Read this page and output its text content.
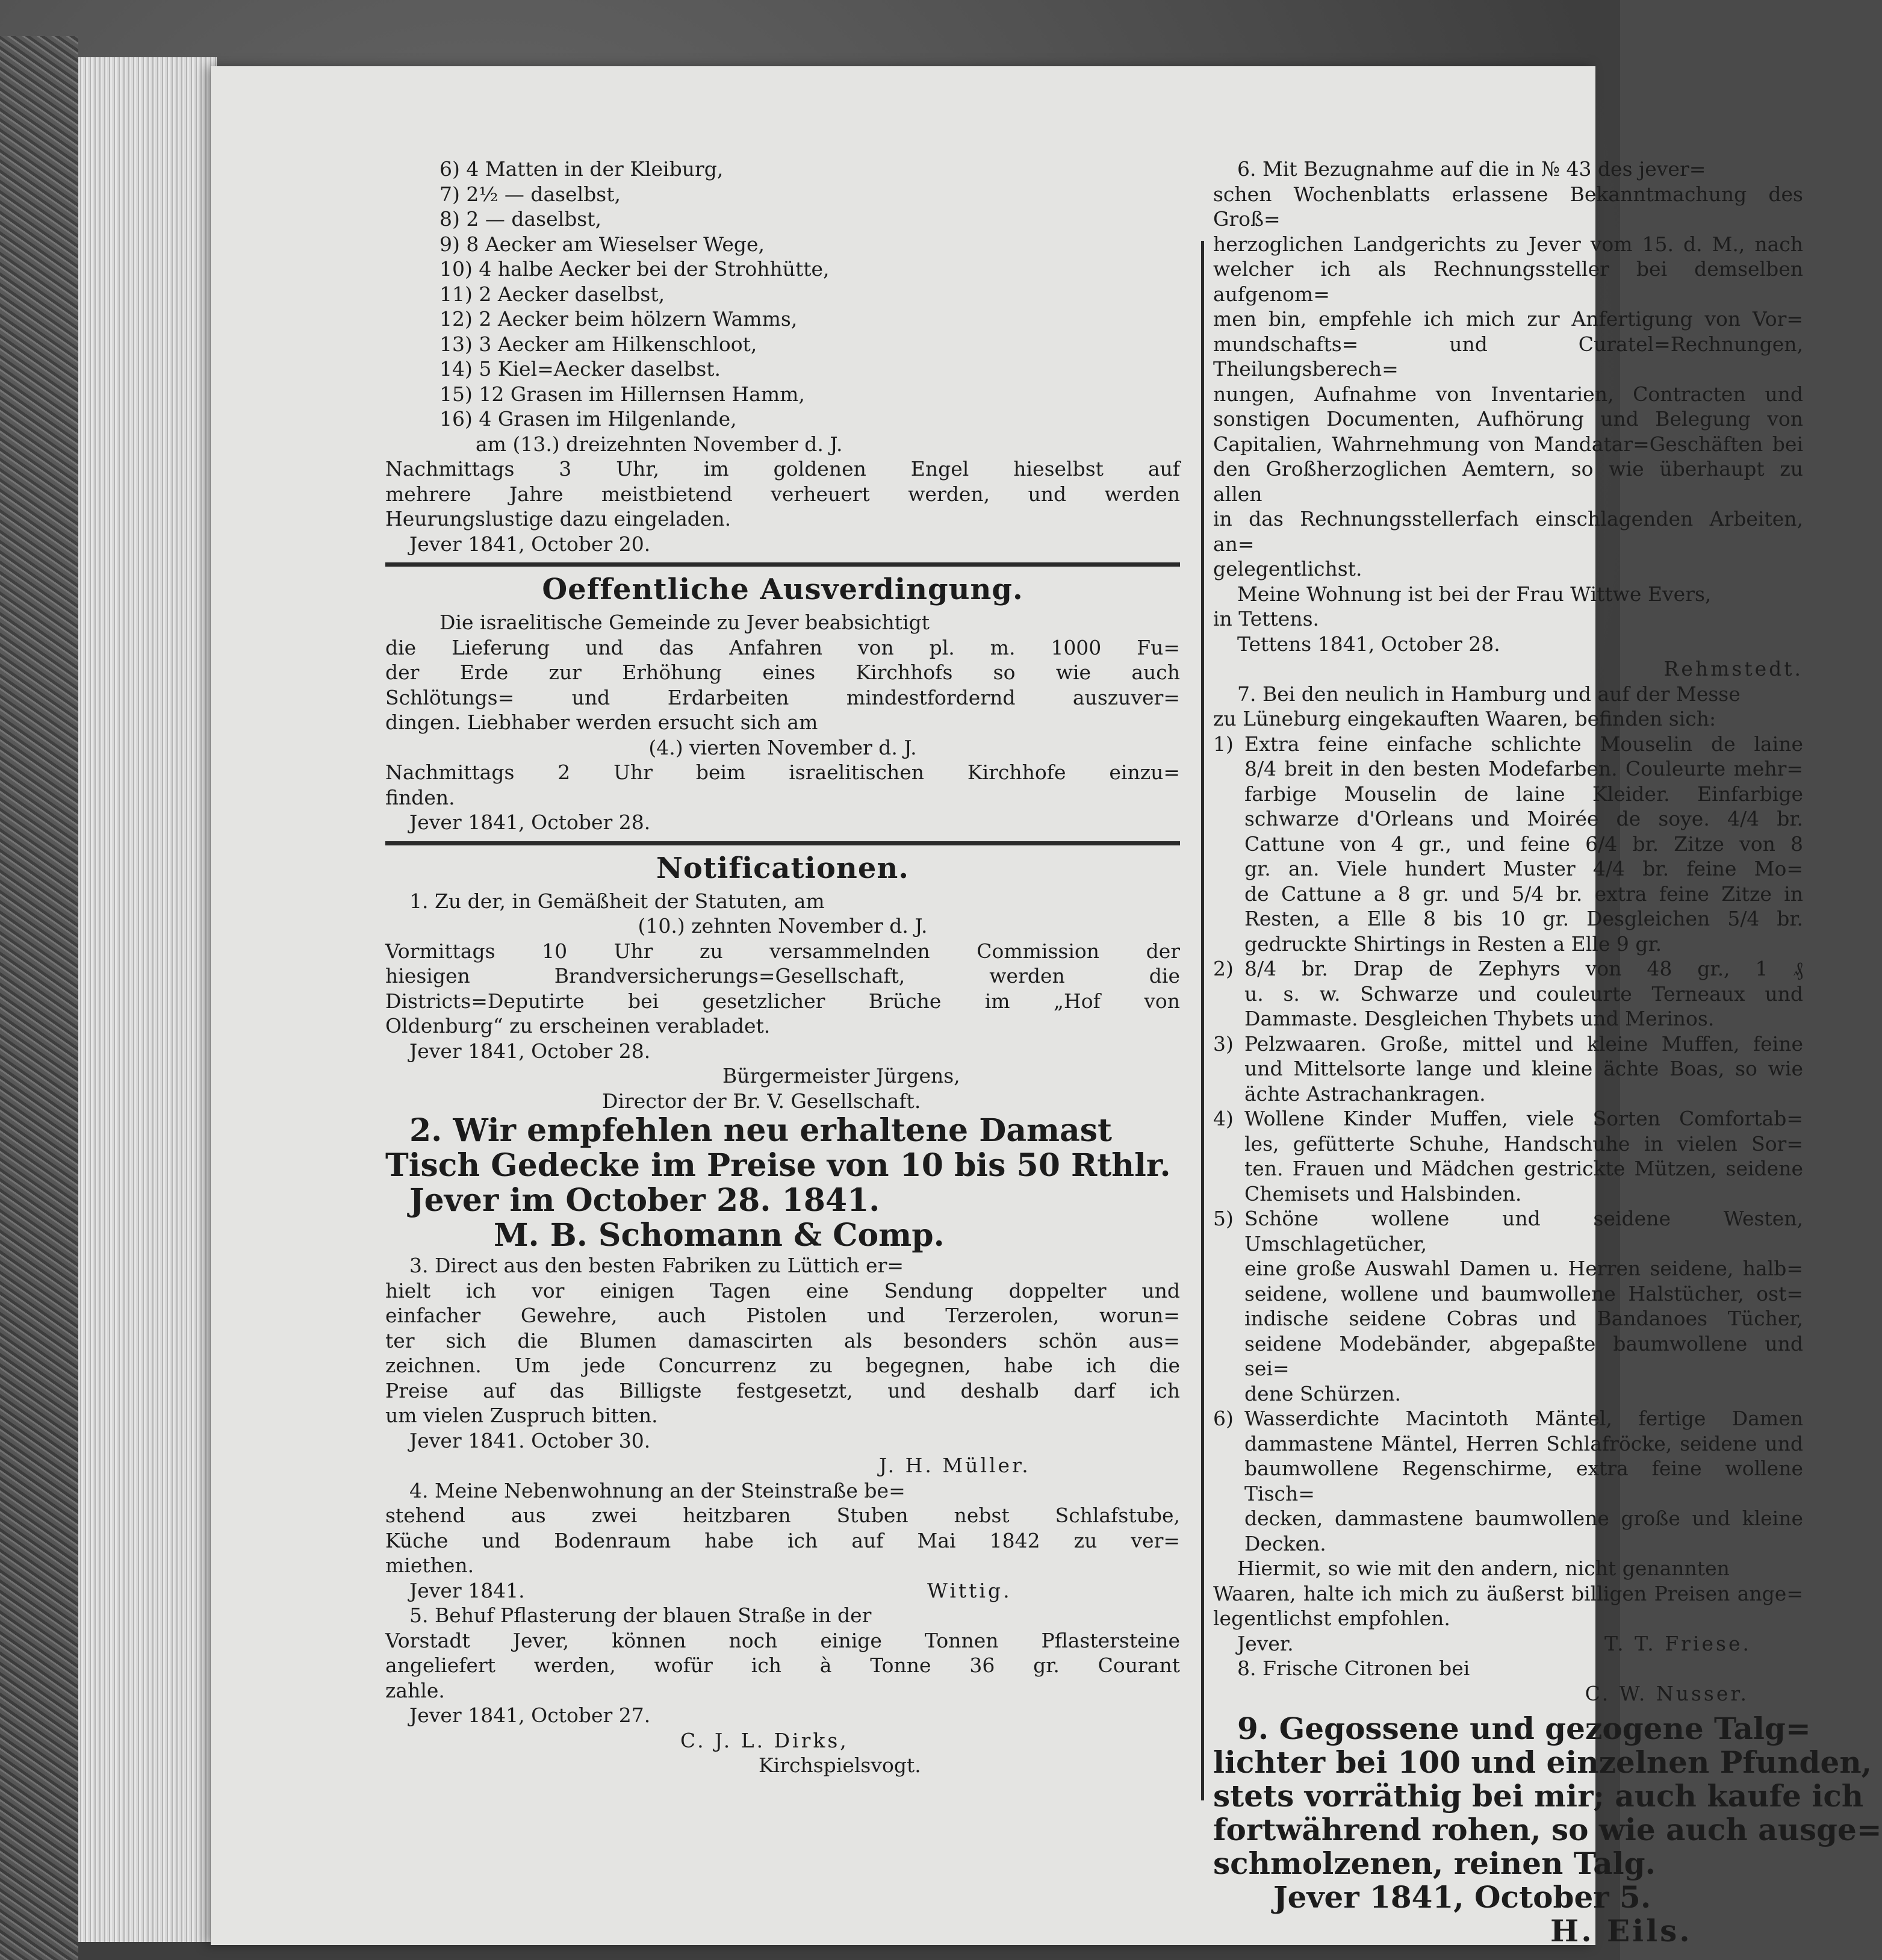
6) 4 Matten in der Kleiburg,
7) 2½ — daselbst,
8) 2 — daselbst,
9) 8 Aecker am Wieselser Wege,
10) 4 halbe Aecker bei der Strohhütte,
11) 2 Aecker daselbst,
12) 2 Aecker beim hölzern Wamms,
13) 3 Aecker am Hilkenschloot,
14) 5 Kiel=Aecker daselbst.
15) 12 Grasen im Hillernsen Hamm,
16) 4 Grasen im Hilgenlande,
am (13.) dreizehnten November d. J.
Nachmittags 3 Uhr, im goldenen Engel hieselbst auf
mehrere Jahre meistbietend verheuert werden, und werden
Heurungslustige dazu eingeladen.
Jever 1841, October 20.
Oeffentliche Ausverdingung.
Die israelitische Gemeinde zu Jever beabsichtigt
die Lieferung und das Anfahren von pl. m. 1000 Fu=
der Erde zur Erhöhung eines Kirchhofs so wie auch
Schlötungs= und Erdarbeiten mindestfordernd auszuver=
dingen. Liebhaber werden ersucht sich am
(4.) vierten November d. J.
Nachmittags 2 Uhr beim israelitischen Kirchhofe einzu=
finden.
Jever 1841, October 28.
Notificationen.
1. Zu der, in Gemäßheit der Statuten, am
(10.) zehnten November d. J.
Vormittags 10 Uhr zu versammelnden Commission der
hiesigen Brandversicherungs=Gesellschaft, werden die
Districts=Deputirte bei gesetzlicher Brüche im „Hof von
Oldenburg“ zu erscheinen verabladet.
Jever 1841, October 28.
Bürgermeister Jürgens,
Director der Br. V. Gesellschaft.
2. Wir empfehlen neu erhaltene Damast
Tisch Gedecke im Preise von 10 bis 50 Rthlr.
Jever im October 28. 1841.
M. B. Schomann & Comp.
3. Direct aus den besten Fabriken zu Lüttich er=
hielt ich vor einigen Tagen eine Sendung doppelter und
einfacher Gewehre, auch Pistolen und Terzerolen, worun=
ter sich die Blumen damascirten als besonders schön aus=
zeichnen. Um jede Concurrenz zu begegnen, habe ich die
Preise auf das Billigste festgesetzt, und deshalb darf ich
um vielen Zuspruch bitten.
Jever 1841. October 30.
J. H. Müller.
4. Meine Nebenwohnung an der Steinstraße be=
stehend aus zwei heitzbaren Stuben nebst Schlafstube,
Küche und Bodenraum habe ich auf Mai 1842 zu ver=
miethen.
Jever 1841.	Wittig.
5. Behuf Pflasterung der blauen Straße in der
Vorstadt Jever, können noch einige Tonnen Pflastersteine
angeliefert werden, wofür ich à Tonne 36 gr. Courant
zahle.
Jever 1841, October 27.
C. J. L. Dirks,
Kirchspielsvogt.
6. Mit Bezugnahme auf die in № 43 des jever=
schen Wochenblatts erlassene Bekanntmachung des Groß=
herzoglichen Landgerichts zu Jever vom 15. d. M., nach
welcher ich als Rechnungssteller bei demselben aufgenom=
men bin, empfehle ich mich zur Anfertigung von Vor=
mundschafts= und Curatel=Rechnungen, Theilungsberech=
nungen, Aufnahme von Inventarien, Contracten und
sonstigen Documenten, Aufhörung und Belegung von
Capitalien, Wahrnehmung von Mandatar=Geschäften bei
den Großherzoglichen Aemtern, so wie überhaupt zu allen
in das Rechnungsstellerfach einschlagenden Arbeiten, an=
gelegentlichst.
Meine Wohnung ist bei der Frau Wittwe Evers,
in Tettens.
Tettens 1841, October 28.
Rehmstedt.
7. Bei den neulich in Hamburg und auf der Messe
zu Lüneburg eingekauften Waaren, befinden sich:
1) Extra feine einfache schlichte Mouselin de laine
8/4 breit in den besten Modefarben. Couleurte mehr=
farbige Mouselin de laine Kleider. Einfarbige
schwarze d'Orleans und Moirée de soye. 4/4 br.
Cattune von 4 gr., und feine 6/4 br. Zitze von 8
gr. an. Viele hundert Muster 4/4 br. feine Mo=
de Cattune a 8 gr. und 5/4 br. extra feine Zitze in
Resten, a Elle 8 bis 10 gr. Desgleichen 5/4 br.
gedruckte Shirtings in Resten a Elle 9 gr.
2) 8/4 br. Drap de Zephyrs von 48 gr., 1 ₰
u. s. w. Schwarze und couleurte Terneaux und
Dammaste. Desgleichen Thybets und Merinos.
3) Pelzwaaren. Große, mittel und kleine Muffen, feine
und Mittelsorte lange und kleine ächte Boas, so wie
ächte Astrachankragen.
4) Wollene Kinder Muffen, viele Sorten Comfortab=
les, gefütterte Schuhe, Handschuhe in vielen Sor=
ten. Frauen und Mädchen gestrickte Mützen, seidene
Chemisets und Halsbinden.
5) Schöne wollene und seidene Westen, Umschlagetücher,
eine große Auswahl Damen u. Herren seidene, halb=
seidene, wollene und baumwollene Halstücher, ost=
indische seidene Cobras und Bandanoes Tücher,
seidene Modebänder, abgepaßte baumwollene und sei=
dene Schürzen.
6) Wasserdichte Macintoth Mäntel, fertige Damen
dammastene Mäntel, Herren Schlafröcke, seidene und
baumwollene Regenschirme, extra feine wollene Tisch=
decken, dammastene baumwollene große und kleine
Decken.
Hiermit, so wie mit den andern, nicht genannten
Waaren, halte ich mich zu äußerst billigen Preisen ange=
legentlichst empfohlen.
Jever.	T. T. Friese.
8. Frische Citronen bei
C. W. Nusser.
9. Gegossene und gezogene Talg=
lichter bei 100 und einzelnen Pfunden,
stets vorräthig bei mir; auch kaufe ich
fortwährend rohen, so wie auch ausge=
schmolzenen, reinen Talg.
Jever 1841, October 5.
H. Eils.
